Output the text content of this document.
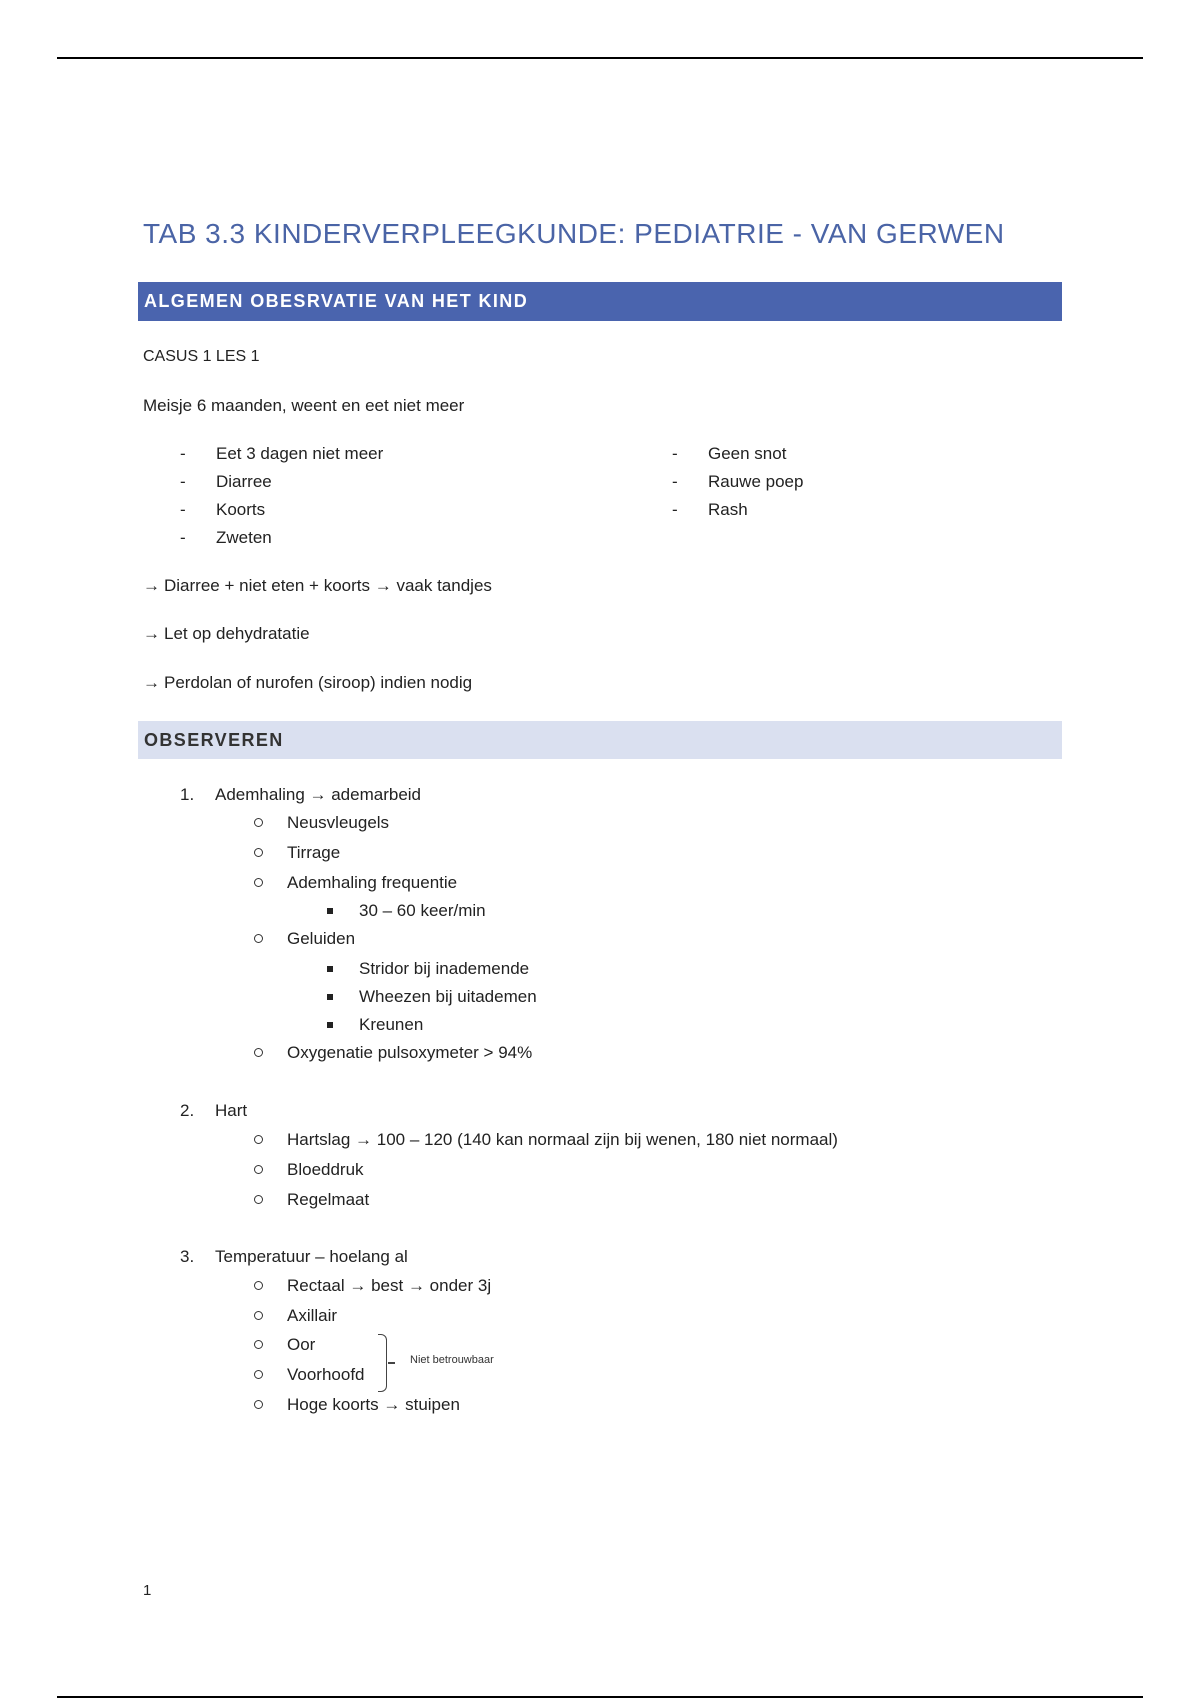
TAB 3.3 KINDERVERPLEEGKUNDE: PEDIATRIE - VAN GERWEN
ALGEMEN OBESRVATIE VAN HET KIND
CASUS 1 LES 1
Meisje 6 maanden, weent en eet niet meer
- Eet 3 dagen niet meer
- Diarree
- Koorts
- Zweten
- Geen snot
- Rauwe poep
- Rash
→ Diarree + niet eten + koorts → vaak tandjes
→ Let op dehydratatie
→ Perdolan of nurofen (siroop) indien nodig
OBSERVEREN
1. Ademhaling → ademarbeid
Neusvleugels
Tirrage
Ademhaling frequentie
30 – 60 keer/min
Geluiden
Stridor bij inademende
Wheezen bij uitademen
Kreunen
Oxygenatie pulsoxymeter > 94%
2. Hart
Hartslag → 100 – 120 (140 kan normaal zijn bij wenen, 180 niet normaal)
Bloeddruk
Regelmaat
3. Temperatuur – hoelang al
Rectaal → best → onder 3j
Axillair
Oor
Voorhoofd
Hoge koorts → stuipen
Niet betrouwbaar
1
